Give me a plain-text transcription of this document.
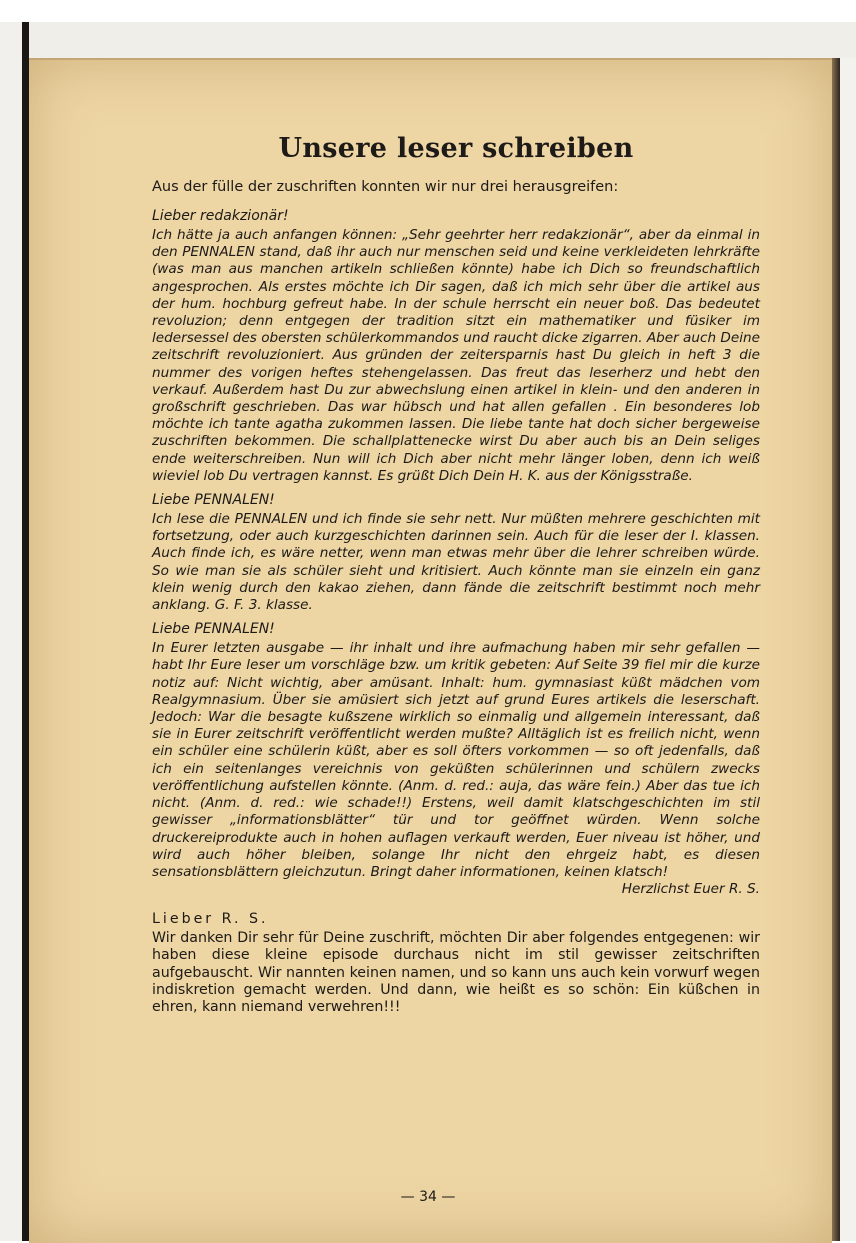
Unsere leser schreiben

Aus der fülle der zuschriften konnten wir nur drei herausgreifen:

Lieber redakzionär!

Ich hätte ja auch anfangen können: „Sehr geehrter herr redakzionär“, aber da einmal in den PENNALEN stand, daß ihr auch nur menschen seid und keine verkleideten lehrkräfte (was man aus manchen artikeln schließen könnte) habe ich Dich so freundschaftlich angesprochen. Als erstes möchte ich Dir sagen, daß ich mich sehr über die artikel aus der hum. hochburg gefreut habe. In der schule herrscht ein neuer boß. Das bedeutet revoluzion; denn entgegen der tradition sitzt ein mathematiker und füsiker im ledersessel des obersten schülerkommandos und raucht dicke zigarren. Aber auch Deine zeitschrift revoluzioniert. Aus gründen der zeitersparnis hast Du gleich in heft 3 die nummer des vorigen heftes stehengelassen. Das freut das leserherz und hebt den verkauf. Außerdem hast Du zur abwechslung einen artikel in klein- und den anderen in großschrift geschrieben. Das war hübsch und hat allen gefallen . Ein besonderes lob möchte ich tante agatha zukommen lassen. Die liebe tante hat doch sicher bergeweise zuschriften bekommen. Die schallplattenecke wirst Du aber auch bis an Dein seliges ende weiterschreiben. Nun will ich Dich aber nicht mehr länger loben, denn ich weiß wieviel lob Du vertragen kannst. Es grüßt Dich Dein H. K. aus der Königsstraße.

Liebe PENNALEN!

Ich lese die PENNALEN und ich finde sie sehr nett. Nur müßten mehrere geschichten mit fortsetzung, oder auch kurzgeschichten darinnen sein. Auch für die leser der I. klassen. Auch finde ich, es wäre netter, wenn man etwas mehr über die lehrer schreiben würde. So wie man sie als schüler sieht und kritisiert. Auch könnte man sie einzeln ein ganz klein wenig durch den kakao ziehen, dann fände die zeitschrift bestimmt noch mehr anklang. G. F. 3. klasse.

Liebe PENNALEN!

In Eurer letzten ausgabe — ihr inhalt und ihre aufmachung haben mir sehr gefallen — habt Ihr Eure leser um vorschläge bzw. um kritik gebeten: Auf Seite 39 fiel mir die kurze notiz auf: Nicht wichtig, aber amüsant. Inhalt: hum. gymnasiast küßt mädchen vom Realgymnasium. Über sie amüsiert sich jetzt auf grund Eures artikels die leserschaft. Jedoch: War die besagte kußszene wirklich so einmalig und allgemein interessant, daß sie in Eurer zeitschrift veröffentlicht werden mußte? Alltäglich ist es freilich nicht, wenn ein schüler eine schülerin küßt, aber es soll öfters vorkommen — so oft jedenfalls, daß ich ein seitenlanges vereichnis von geküßten schülerinnen und schülern zwecks veröffentlichung aufstellen könnte. (Anm. d. red.: auja, das wäre fein.) Aber das tue ich nicht. (Anm. d. red.: wie schade!!) Erstens, weil damit klatschgeschichten im stil gewisser „informationsblätter“ tür und tor geöffnet würden. Wenn solche druckereiprodukte auch in hohen auflagen verkauft werden, Euer niveau ist höher, und wird auch höher bleiben, solange Ihr nicht den ehrgeiz habt, es diesen sensationsblättern gleichzutun. Bringt daher informationen, keinen klatsch!

Herzlichst Euer R. S.

Lieber R. S.

Wir danken Dir sehr für Deine zuschrift, möchten Dir aber folgendes entgegenen: wir haben diese kleine episode durchaus nicht im stil gewisser zeitschriften aufgebauscht. Wir nannten keinen namen, und so kann uns auch kein vorwurf wegen indiskretion gemacht werden. Und dann, wie heißt es so schön: Ein küßchen in ehren, kann niemand verwehren!!!

— 34 —
